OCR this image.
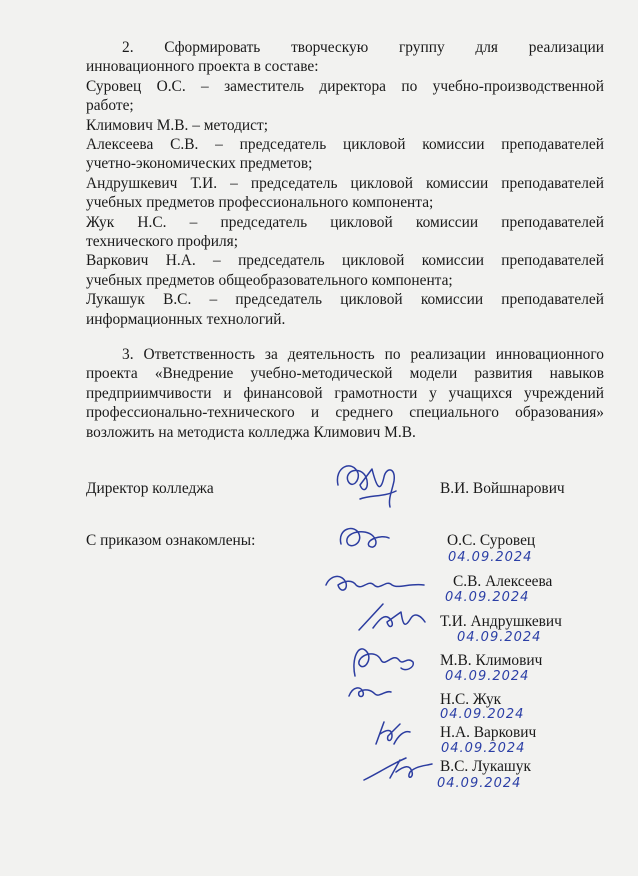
2. Сформировать творческую группу для реализации
инновационного проекта в составе:
Суровец О.С. – заместитель директора по учебно-производственной
работе;
Климович М.В. – методист;
Алексеева С.В. – председатель цикловой комиссии преподавателей
учетно-экономических предметов;
Андрушкевич Т.И. – председатель цикловой комиссии преподавателей
учебных предметов профессионального компонента;
Жук Н.С. – председатель цикловой комиссии преподавателей
технического профиля;
Варкович Н.А. – председатель цикловой комиссии преподавателей
учебных предметов общеобразовательного компонента;
Лукашук В.С. – председатель цикловой комиссии преподавателей
информационных технологий.
3. Ответственность за деятельность по реализации инновационного
проекта «Внедрение учебно-методической модели развития навыков
предприимчивости и финансовой грамотности у учащихся учреждений
профессионально-технического и среднего специального образования»
возложить на методиста колледжа Климович М.В.
Директор колледжа	В.И. Войшнарович
С приказом ознакомлены:	О.С. Суровец
04.09.2024
С.В. Алексеева
04.09.2024
Т.И. Андрушкевич
04.09.2024
М.В. Климович
04.09.2024
Н.С. Жук
04.09.2024
Н.А. Варкович
04.09.2024
В.С. Лукашук
04.09.2024
